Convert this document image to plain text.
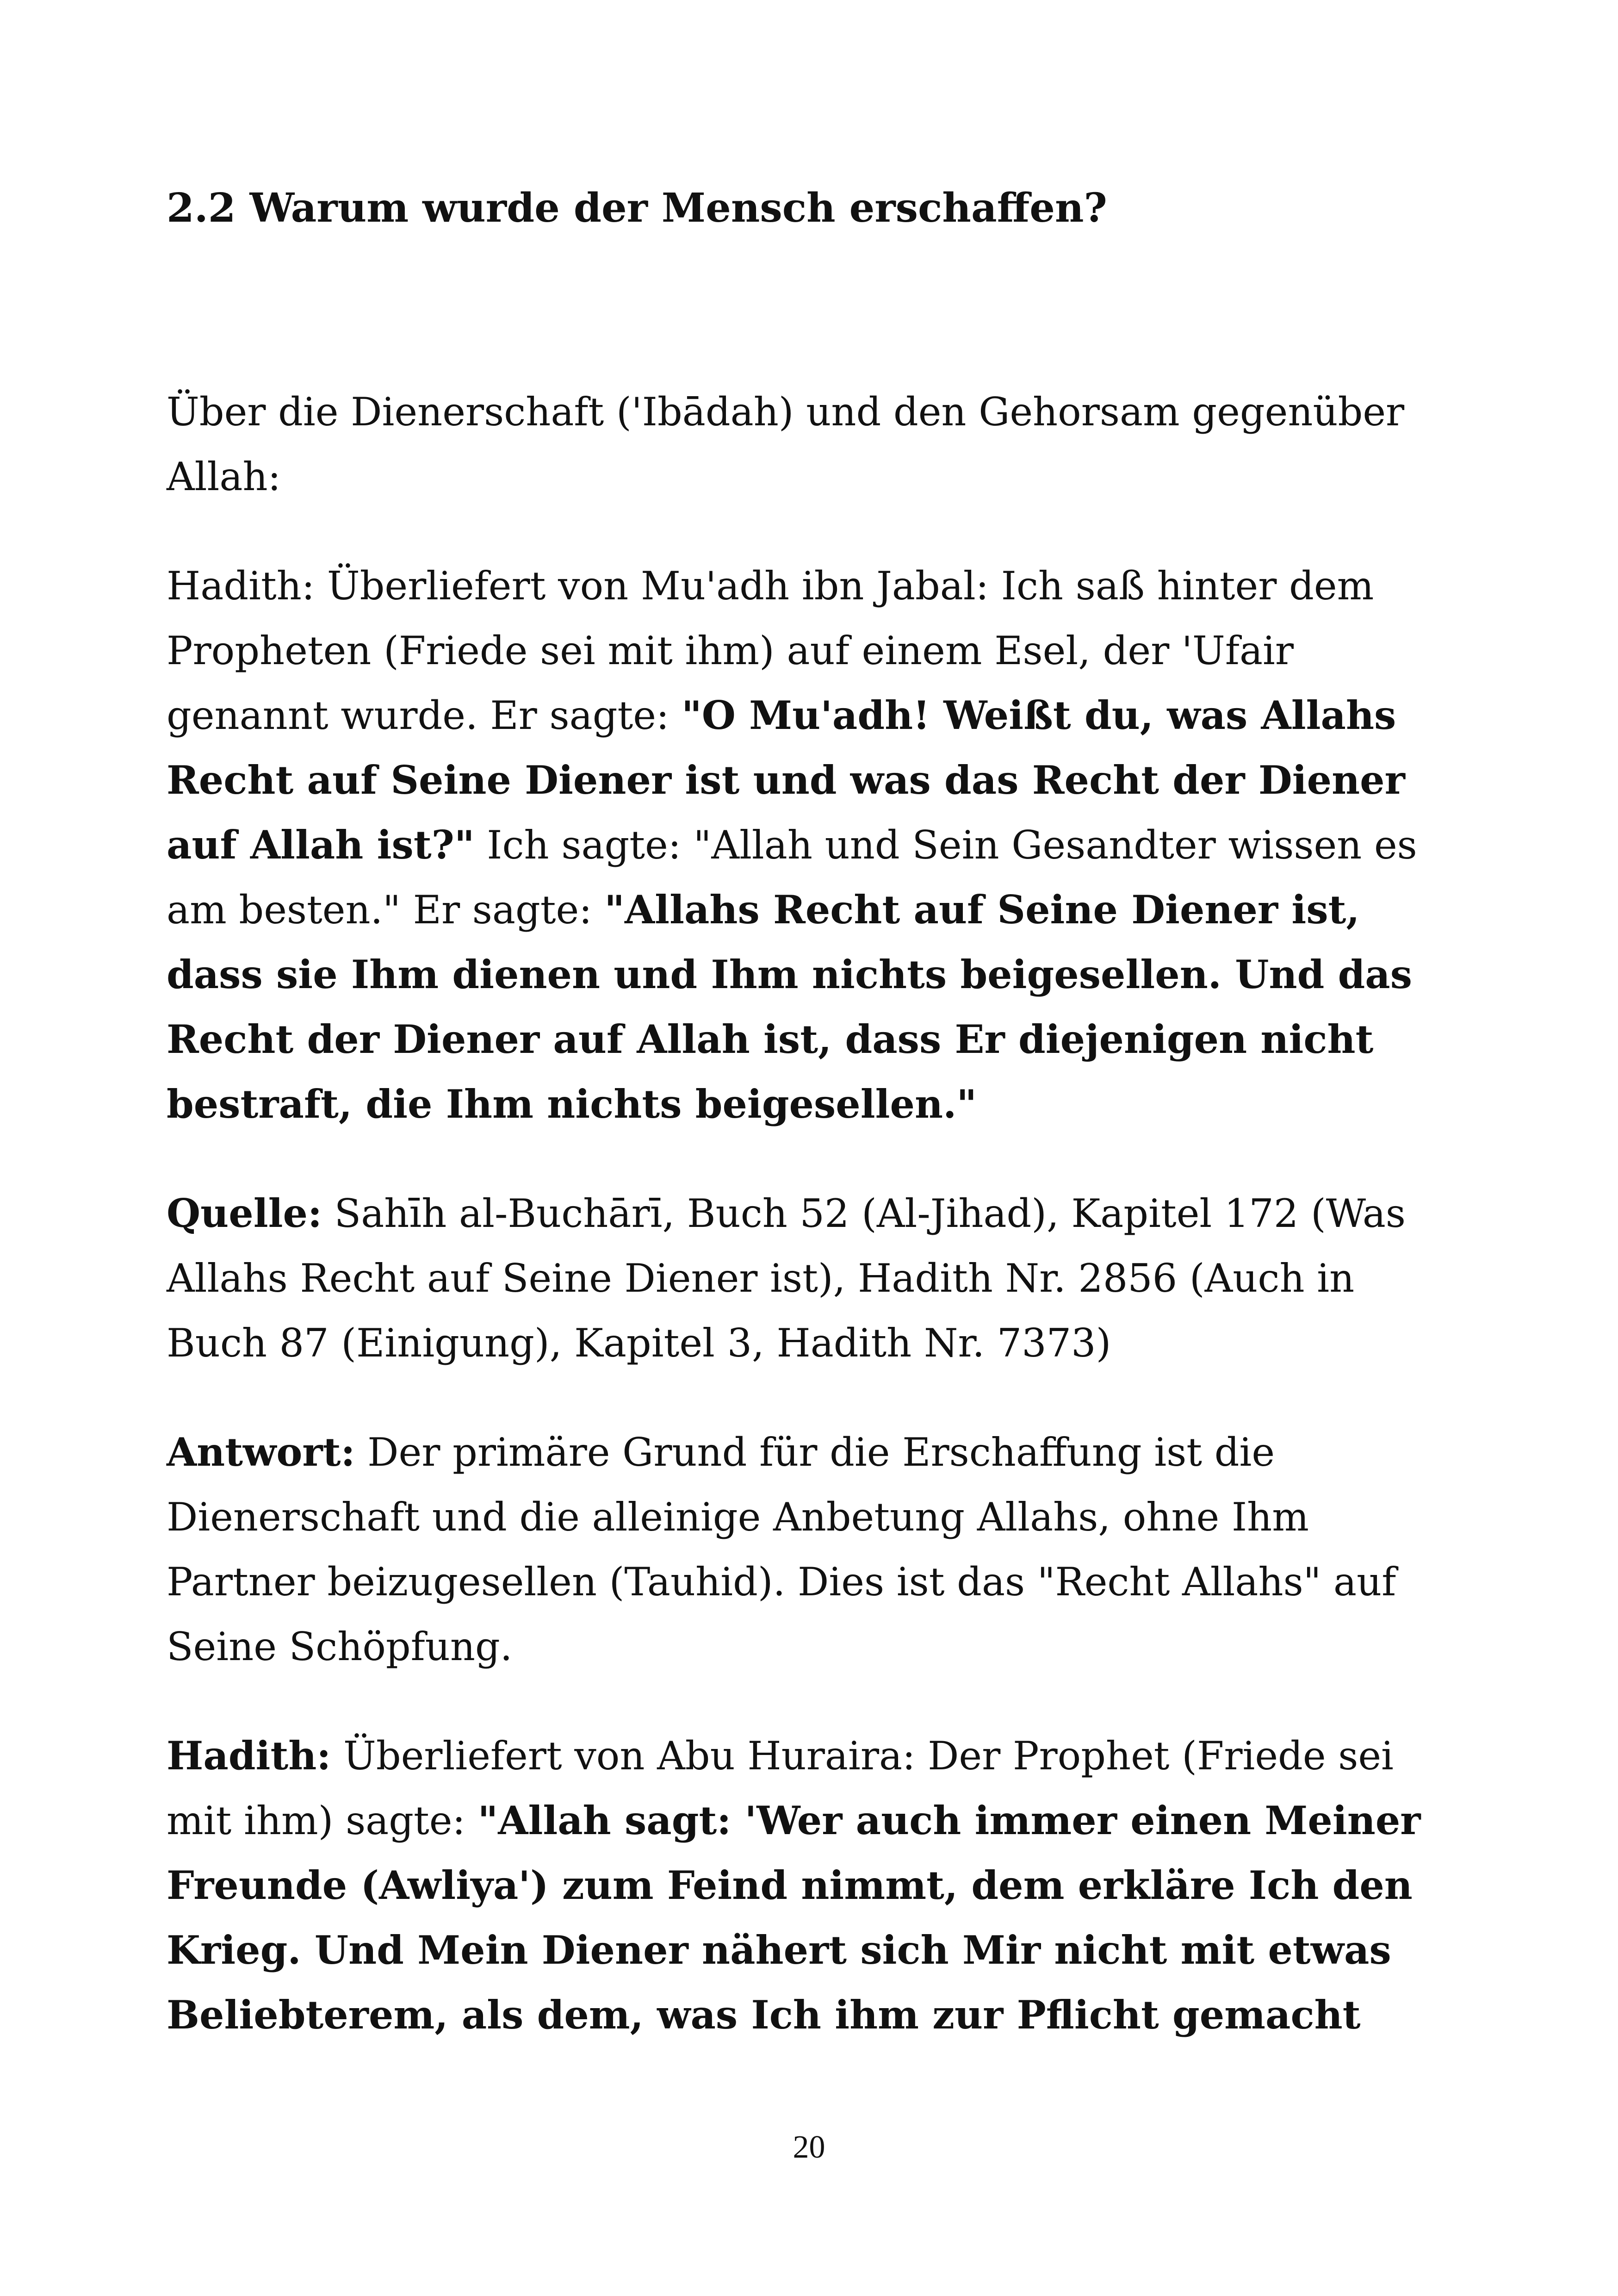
2.2 Warum wurde der Mensch erschaffen?

Über die Dienerschaft ('Ibādah) und den Gehorsam gegenüber Allah:

Hadith: Überliefert von Mu'adh ibn Jabal: Ich saß hinter dem Propheten (Friede sei mit ihm) auf einem Esel, der 'Ufair genannt wurde. Er sagte: "O Mu'adh! Weißt du, was Allahs Recht auf Seine Diener ist und was das Recht der Diener auf Allah ist?" Ich sagte: "Allah und Sein Gesandter wissen es am besten." Er sagte: "Allahs Recht auf Seine Diener ist, dass sie Ihm dienen und Ihm nichts beigesellen. Und das Recht der Diener auf Allah ist, dass Er diejenigen nicht bestraft, die Ihm nichts beigesellen."

Quelle: Sahīh al-Buchārī, Buch 52 (Al-Jihad), Kapitel 172 (Was Allahs Recht auf Seine Diener ist), Hadith Nr. 2856 (Auch in Buch 87 (Einigung), Kapitel 3, Hadith Nr. 7373)

Antwort: Der primäre Grund für die Erschaffung ist die Dienerschaft und die alleinige Anbetung Allahs, ohne Ihm Partner beizugesellen (Tauhid). Dies ist das "Recht Allahs" auf Seine Schöpfung.

Hadith: Überliefert von Abu Huraira: Der Prophet (Friede sei mit ihm) sagte: "Allah sagt: 'Wer auch immer einen Meiner Freunde (Awliya') zum Feind nimmt, dem erkläre Ich den Krieg. Und Mein Diener nähert sich Mir nicht mit etwas Beliebterem, als dem, was Ich ihm zur Pflicht gemacht

20
